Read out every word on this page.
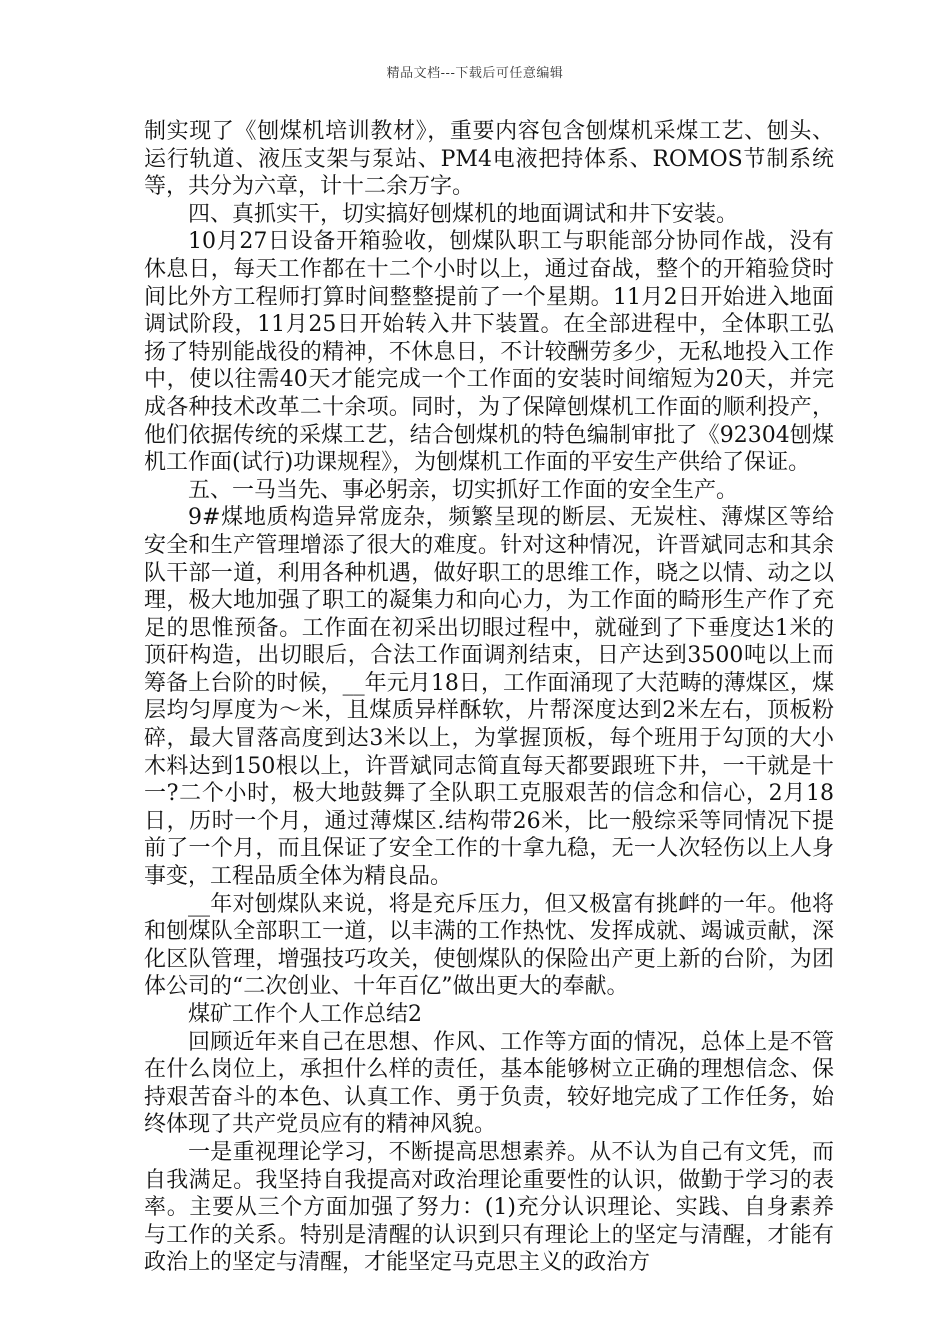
精品文档---下载后可任意编辑

制实现了《刨煤机培训教材》，重要内容包含刨煤机采煤工艺、刨头、运行轨道、液压支架与泵站、PM4电液把持体系、ROMOS节制系统等，共分为六章，计十二余万字。

四、真抓实干，切实搞好刨煤机的地面调试和井下安装。

10月27日设备开箱验收，刨煤队职工与职能部分协同作战，没有休息日，每天工作都在十二个小时以上，通过奋战，整个的开箱验贷时间比外方工程师打算时间整整提前了一个星期。11月2日开始进入地面调试阶段，11月25日开始转入井下装置。在全部进程中，全体职工弘扬了特别能战役的精神，不休息日，不计较酬劳多少，无私地投入工作中，使以往需40天才能完成一个工作面的安装时间缩短为20天，并完成各种技术改革二十余项。同时，为了保障刨煤机工作面的顺利投产，他们依据传统的采煤工艺，结合刨煤机的特色编制审批了《92304刨煤机工作面(试行)功课规程》，为刨煤机工作面的平安生产供给了保证。

五、一马当先、事必躬亲，切实抓好工作面的安全生产。

9#煤地质构造异常庞杂，频繁呈现的断层、无炭柱、薄煤区等给安全和生产管理增添了很大的难度。针对这种情况，许晋斌同志和其余队干部一道，利用各种机遇，做好职工的思维工作，晓之以情、动之以理，极大地加强了职工的凝集力和向心力，为工作面的畸形生产作了充足的思惟预备。工作面在初采出切眼过程中，就碰到了下垂度达1米的顶矸构造，出切眼后，合法工作面调剂结束，日产达到3500吨以上而筹备上台阶的时候，__年元月18日，工作面涌现了大范畴的薄煤区，煤层均匀厚度为～米，且煤质异样酥软，片帮深度达到2米左右，顶板粉碎，最大冒落高度到达3米以上，为掌握顶板，每个班用于勾顶的大小木料达到150根以上，许晋斌同志简直每天都要跟班下井，一干就是十一?二个小时，极大地鼓舞了全队职工克服艰苦的信念和信心，2月18日，历时一个月，通过薄煤区.结构带26米，比一般综采等同情况下提前了一个月，而且保证了安全工作的十拿九稳，无一人次轻伤以上人身事变，工程品质全体为精良品。

__年对刨煤队来说，将是充斥压力，但又极富有挑衅的一年。他将和刨煤队全部职工一道，以丰满的工作热忱、发挥成就、竭诚贡献，深化区队管理，增强技巧攻关，使刨煤队的保险出产更上新的台阶，为团体公司的“二次创业、十年百亿”做出更大的奉献。

煤矿工作个人工作总结2

回顾近年来自己在思想、作风、工作等方面的情况，总体上是不管在什么岗位上，承担什么样的责任，基本能够树立正确的理想信念、保持艰苦奋斗的本色、认真工作、勇于负责，较好地完成了工作任务，始终体现了共产党员应有的精神风貌。

一是重视理论学习，不断提高思想素养。从不认为自己有文凭，而自我满足。我坚持自我提高对政治理论重要性的认识，做勤于学习的表率。主要从三个方面加强了努力：(1)充分认识理论、实践、自身素养与工作的关系。特别是清醒的认识到只有理论上的坚定与清醒，才能有政治上的坚定与清醒，才能坚定马克思主义的政治方
